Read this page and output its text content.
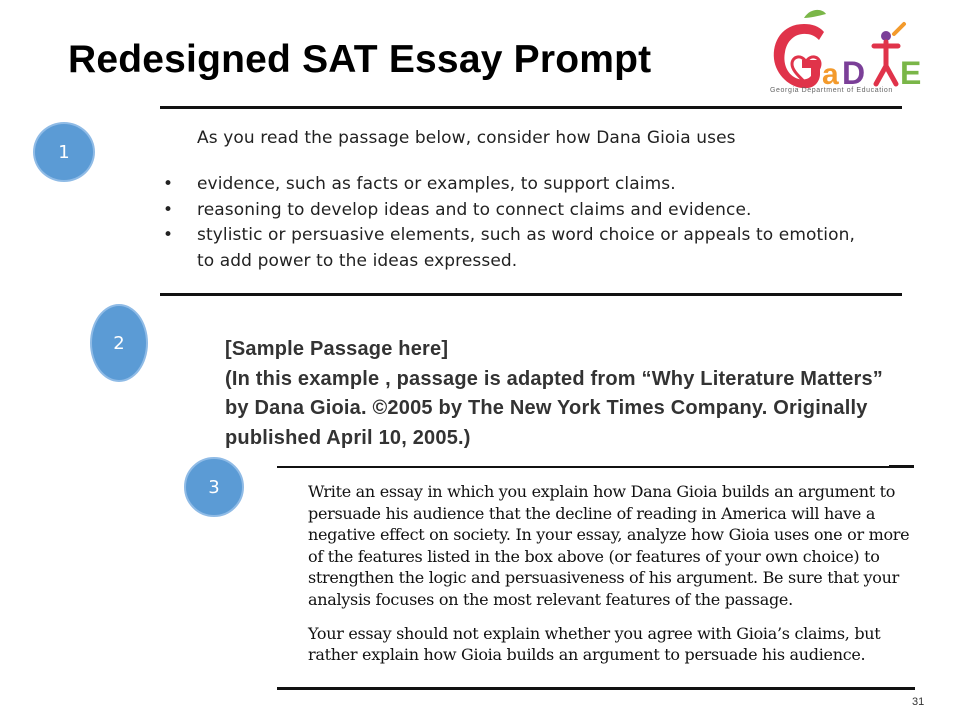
Redesigned SAT Essay Prompt	a D E
Georgia Department of Education
1
2
3

As you read the passage below, consider how Dana Gioia uses

• evidence, such as facts or examples, to support claims.
• reasoning to develop ideas and to connect claims and evidence.
• stylistic or persuasive elements, such as word choice or appeals to emotion,
to add power to the ideas expressed.
[Sample Passage here]
(In this example , passage is adapted from “Why Literature Matters” by Dana Gioia. ©2005 by The New York Times Company. Originally published April 10, 2005.)

Write an essay in which you explain how Dana Gioia builds an argument to persuade his audience that the decline of reading in America will have a negative effect on society. In your essay, analyze how Gioia uses one or more of the features listed in the box above (or features of your own choice) to strengthen the logic and persuasiveness of his argument. Be sure that your analysis focuses on the most relevant features of the passage.

Your essay should not explain whether you agree with Gioia’s claims, but rather explain how Gioia builds an argument to persuade his audience.

31
